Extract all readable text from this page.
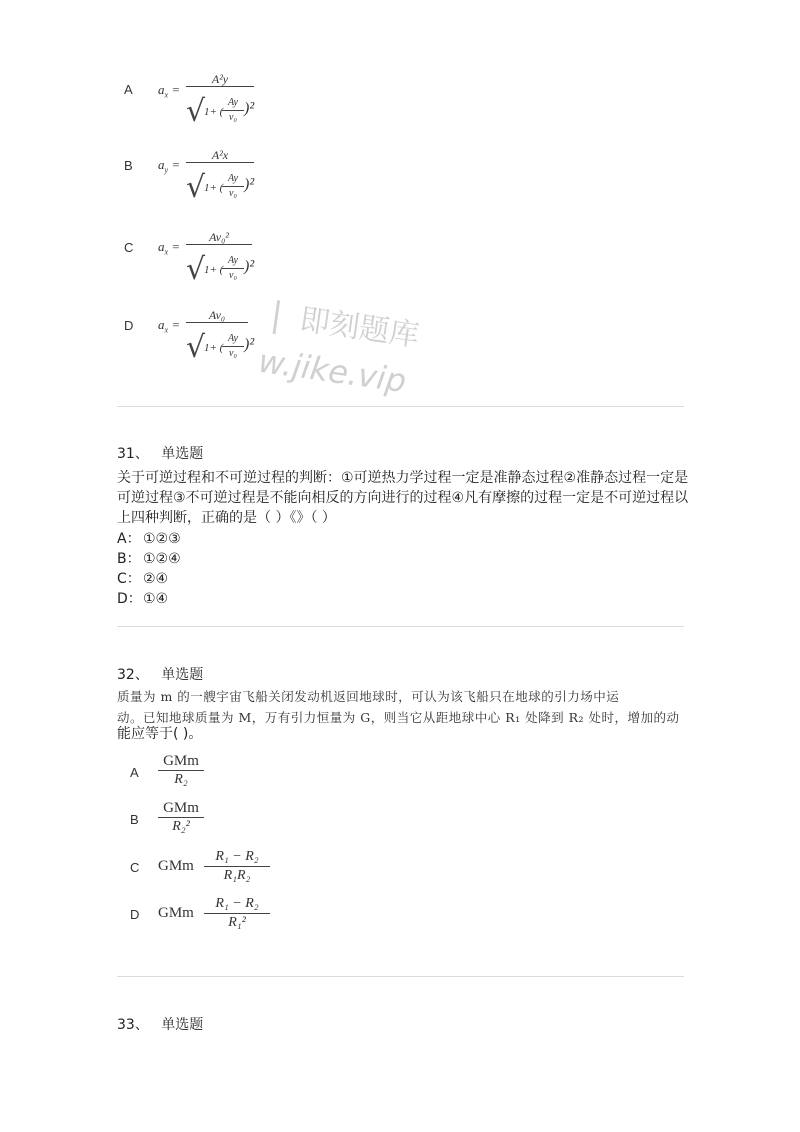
A $a_x$ =
A²y
√
1+ (
Ay
v₀
)²
B $a_y$ =
A²x
√
1+ (
Ay
v₀
)²
C $a_x$ =
Av₀²
√
1+ (
Ay
v₀
)²
D $a_x$ =
Av₀
√
1+ (
Ay
v₀
)²
❘ 即刻题库
w.jike.vip
31、 单选题
关于可逆过程和不可逆过程的判断：①可逆热力学过程一定是准静态过程②准静态过程一定是可逆过程③不可逆过程是不能向相反的方向进行的过程④凡有摩擦的过程一定是不可逆过程以上四种判断，正确的是（ ）《》（ ）
A： ①②③
B： ①②④
C： ②④
D：①④
32、 单选题
质量为 m 的一艘宇宙飞船关闭发动机返回地球时，可认为该飞船只在地球的引力场中运
动。已知地球质量为 M，万有引力恒量为 G，则当它从距地球中心 R₁ 处降到 R₂ 处时，增加的动
能应等于( )。
A
GMm
R₂
B
GMm
R₂²
C GMm
R₁ − R₂
R₁R₂
D GMm
R₁ − R₂
R₁²
33、 单选题
